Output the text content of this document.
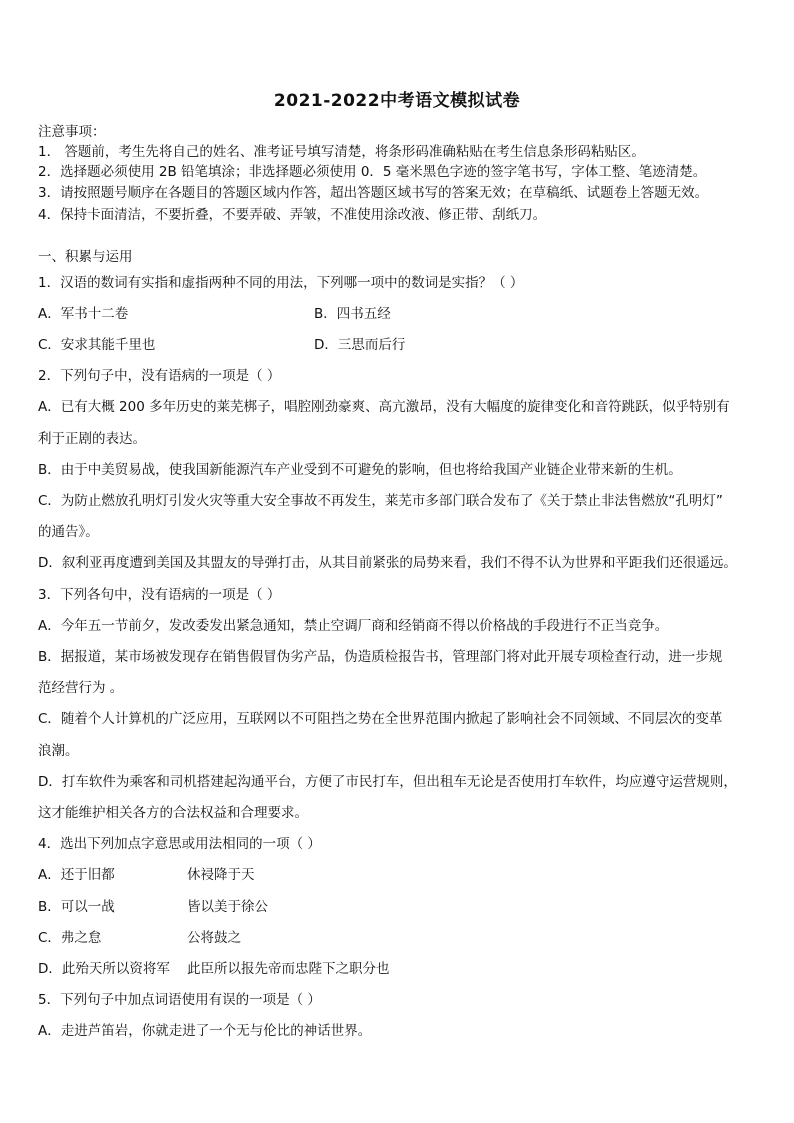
2021-2022中考语文模拟试卷
注意事项：
1． 答题前，考生先将自己的姓名、准考证号填写清楚，将条形码准确粘贴在考生信息条形码粘贴区。
2．选择题必须使用 2B 铅笔填涂；非选择题必须使用 0．5 毫米黑色字迹的签字笔书写，字体工整、笔迹清楚。
3．请按照题号顺序在各题目的答题区域内作答，超出答题区域书写的答案无效；在草稿纸、试题卷上答题无效。
4．保持卡面清洁，不要折叠，不要弄破、弄皱，不准使用涂改液、修正带、刮纸刀。
一、积累与运用
1．汉语的数词有实指和虚指两种不同的用法，下列哪一项中的数词是实指？（ ）
A．军书十二卷	B．四书五经
C．安求其能千里也	D．三思而后行
2．下列句子中，没有语病的一项是（ ）
A．已有大概 200 多年历史的莱芜梆子，唱腔刚劲豪爽、高亢激昂，没有大幅度的旋律变化和音符跳跃，似乎特别有
利于正剧的表达。
B．由于中美贸易战，使我国新能源汽车产业受到不可避免的影响，但也将给我国产业链企业带来新的生机。
C．为防止燃放孔明灯引发火灾等重大安全事故不再发生，莱芜市多部门联合发布了《关于禁止非法售燃放“孔明灯”
的通告》。
D．叙利亚再度遭到美国及其盟友的导弹打击，从其目前紧张的局势来看，我们不得不认为世界和平距我们还很遥远。
3．下列各句中，没有语病的一项是（ ）
A．今年五一节前夕，发改委发出紧急通知，禁止空调厂商和经销商不得以价格战的手段进行不正当竞争。
B．据报道，某市场被发现存在销售假冒伪劣产品，伪造质检报告书，管理部门将对此开展专项检查行动，进一步规
范经营行为 。
C．随着个人计算机的广泛应用，互联网以不可阻挡之势在全世界范围内掀起了影响社会不同领域、不同层次的变革
浪潮。
D．打车软件为乘客和司机搭建起沟通平台，方便了市民打车，但出租车无论是否使用打车软件，均应遵守运营规则，
这才能维护相关各方的合法权益和合理要求。
4．选出下列加点字意思或用法相同的一项（ ）
A．还于旧都	休祲降于天
B．可以一战	皆以美于徐公
C．弗之怠	公将鼓之
D．此殆天所以资将军 此臣所以报先帝而忠陛下之职分也
5．下列句子中加点词语使用有误的一项是（ ）
A．走进芦笛岩，你就走进了一个无与伦比的神话世界。
